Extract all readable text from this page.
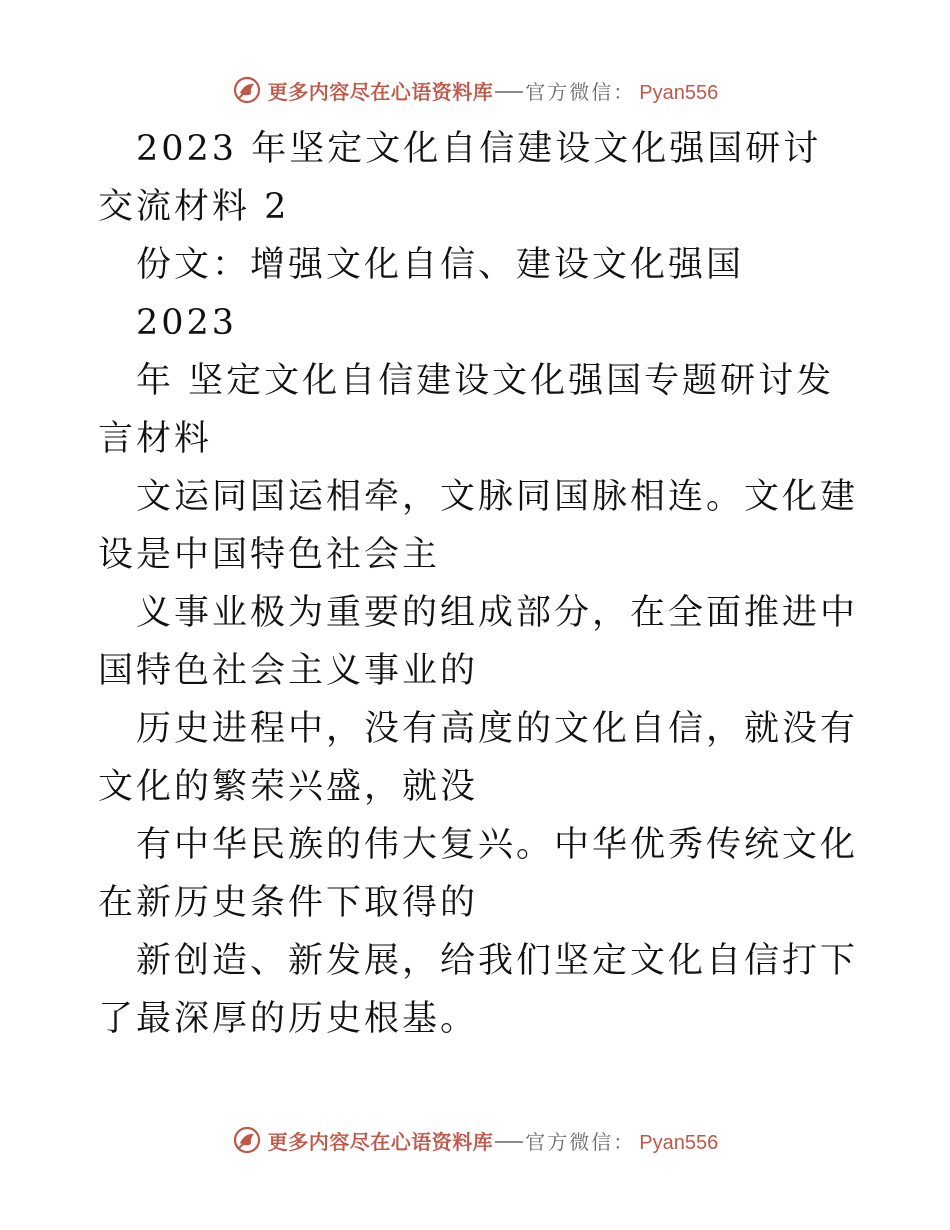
更多内容尽在心语资料库 官方微信： Pyan556

2023 年坚定文化自信建设文化强国研讨交流材料 2

份文：增强文化自信、建设文化强国

2023

年 坚定文化自信建设文化强国专题研讨发言材料

文运同国运相牵，文脉同国脉相连。文化建设是中国特色社会主

义事业极为重要的组成部分，在全面推进中国特色社会主义事业的

历史进程中，没有高度的文化自信，就没有文化的繁荣兴盛，就没

有中华民族的伟大复兴。中华优秀传统文化在新历史条件下取得的

新创造、新发展，给我们坚定文化自信打下了最深厚的历史根基。

更多内容尽在心语资料库 官方微信： Pyan556
